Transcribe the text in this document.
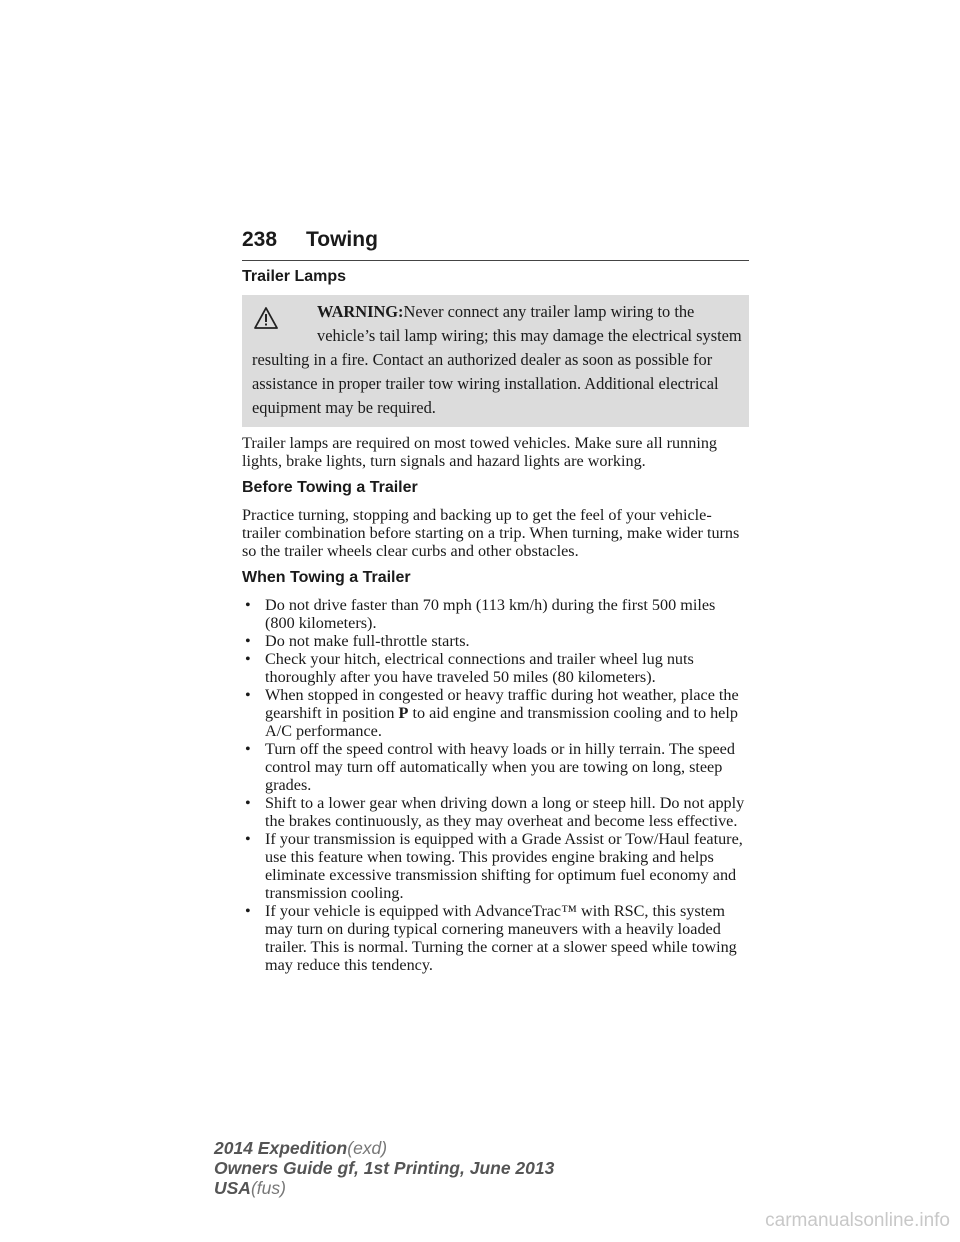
238 Towing
Trailer Lamps
WARNING:Never connect any trailer lamp wiring to the
vehicle’s tail lamp wiring; this may damage the electrical system
resulting in a fire. Contact an authorized dealer as soon as possible for
assistance in proper trailer tow wiring installation. Additional electrical
equipment may be required.

Trailer lamps are required on most towed vehicles. Make sure all running lights, brake lights, turn signals and hazard lights are working.

Before Towing a Trailer

Practice turning, stopping and backing up to get the feel of your vehicle-trailer combination before starting on a trip. When turning, make wider turns so the trailer wheels clear curbs and other obstacles.

When Towing a Trailer
• Do not drive faster than 70 mph (113 km/h) during the first 500 miles (800 kilometers).
• Do not make full-throttle starts.
• Check your hitch, electrical connections and trailer wheel lug nuts thoroughly after you have traveled 50 miles (80 kilometers).
• When stopped in congested or heavy traffic during hot weather, place the gearshift in position P to aid engine and transmission cooling and to help A/C performance.
• Turn off the speed control with heavy loads or in hilly terrain. The speed control may turn off automatically when you are towing on long, steep grades.
• Shift to a lower gear when driving down a long or steep hill. Do not apply the brakes continuously, as they may overheat and become less effective.
• If your transmission is equipped with a Grade Assist or Tow/Haul feature, use this feature when towing. This provides engine braking and helps eliminate excessive transmission shifting for optimum fuel economy and transmission cooling.
• If your vehicle is equipped with AdvanceTrac™ with RSC, this system may turn on during typical cornering maneuvers with a heavily loaded trailer. This is normal. Turning the corner at a slower speed while towing may reduce this tendency.
2014 Expedition(exd)
Owners Guide gf, 1st Printing, June 2013
USA(fus)
carmanualsonline.info
